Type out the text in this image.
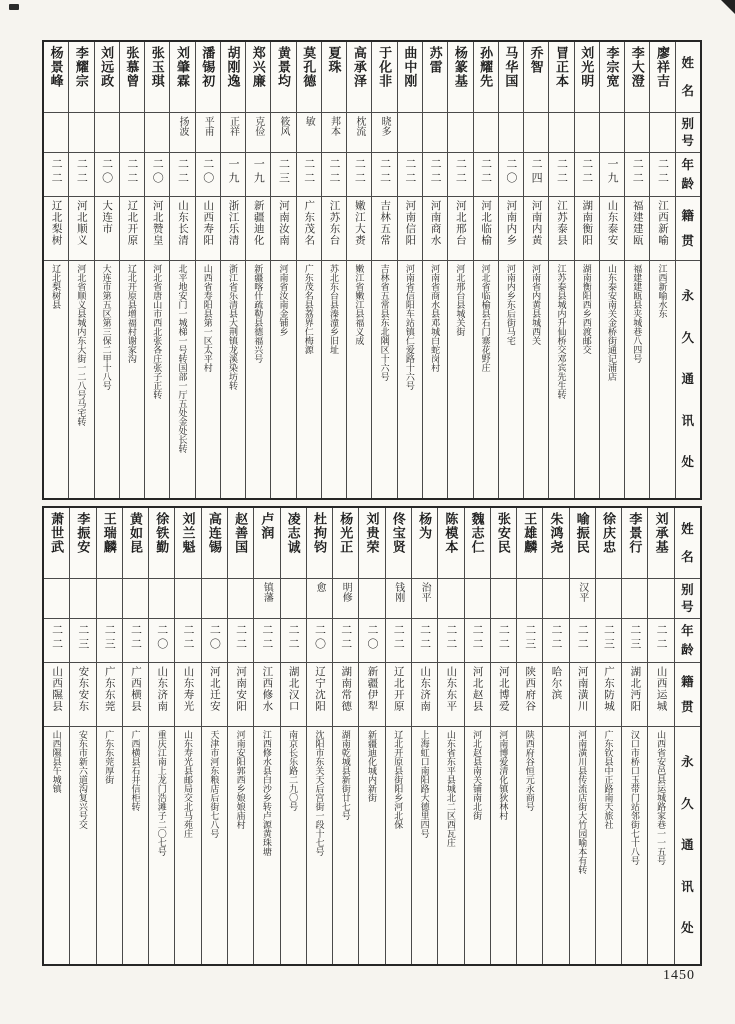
杨景峰
二二
辽北梨树
辽北梨树县
李耀宗
二二
河北顺义
河北省顺义县城内东大街一二八号马宅转
刘远政
二〇
大连市
大连市第五区第三保二甲十八号
张慕曾
二二
辽北开原
辽北开原县增福村谢家沟
张玉琪
二〇
河北赞皇
河北省唐山市西北张各庄张子正转
刘肇霖
扬波
二二
山东长清
北平地安门一城梯一号转国部一厅五处金处长转
潘锡初
平甫
二〇
山西寿阳
山西省寿阳县第一区太平村
胡刚逸
正祥
一九
浙江乐清
浙江省乐清县大荆镇龙溪染坊转
郑兴廉
克俭
一九
新疆迪化
新疆喀什疏勒县德福兴号
黄景均
筱风
二三
河南汝南
河南省汝南金铺乡
莫孔德
敏
二二
广东茂名
广东茂名县荔界仁梅源
夏珠
邦本
二二
江苏东台
苏北东台县溱潼乡旧址
高承泽
枕流
二二
嫩江大赉
嫩江省嫩江县福义成
于化非
晓多
二二
吉林五常
吉林省五常县东北隅区十六号
曲中刚
二二
河南信阳
河南省信阳车站镇仁爱路十六号
苏雷
二二
河南商水
河南省商水县邓城白蛇岗村
杨篆基
二二
河北邢台
河北邢台县城关街
孙耀先
二二
河北临榆
河北省临榆县石门寨花野庄
马华国
二〇
河南内乡
河南内乡东后街马宅
乔智
二四
河南内黄
河南省内黄县城西关
冒正本
二二
江苏泰县
江苏泰县城内升仙桥交邓宾先生转
刘光明
二二
湖南衡阳
湖南衡阳西乡西渡邮交
李宗宽
一九
山东泰安
山东泰安南关金桥街通记浦店
李大澄
二二
福建建瓯
福建建瓯县夹城巷八四号
廖祥吉
二二
江西新喻
江西新喻水东
姓
名
别
号
年
龄
籍
贯
永
久
通
讯
处
萧世武
二二
山西隰县
山西隰县午城镇
李振安
二三
安东安东
安东市新六道沟复兴号交
王瑞麟
二三
广东东莞
广东东莞厚街
黄如昆
二二
广西横县
广西横县石井信柜转
徐铁勤
二〇
山东济南
重庆江南上龙门浩滩子二〇七号
刘兰魁
二二
山东寿光
山东寿光县邮局交北马苑庄
高连锡
二〇
河北迁安
天津市河东粮店后街七八号
赵善国
二二
河南安阳
河南安阳郭西乡娘娘庙村
卢润
镇藩
二二
江西修水
江西修水县白沙乡转卢源黄珠塘
凌志诚
二二
湖北汉口
南京长乐路二九〇号
杜拘钧
愈
二〇
辽宁沈阳
沈阳市东关天后宫街一段十七号
杨光正
明修
二二
湖南常德
湖南乾城县新街廿七号
刘贵荣
二〇
新疆伊犁
新疆迪化城内新街
佟宝贤
钱刚
二二
辽北开原
辽北开原县街阳乡河北保
杨为
治平
二二
山东济南
上海虹口南阳路大德里四号
陈模本
二二
山东东平
山东省东平县城北二区西瓦庄
魏志仁
二二
河北赵县
河北赵县南关铺南北街
张安民
二二
河北博爱
河南博爱清化镇狄林村
王雄麟
二三
陕西府谷
陕西府谷恒元永商号
朱鸿尧
二二
哈尔滨
喻振民
汉平
二二
河南潢川
河南潢川县传流店街大竹园喻本有转
徐庆忠
二三
广东防城
广东钦县中正路南天旅社
李景行
二三
湖北沔阳
汉口市桥口玉带门站邻街七十八号
刘承基
二二
山西运城
山西省安邑县运城路家巷一一五号
姓
名
别
号
年
龄
籍
贯
永
久
通
讯
处
1450
